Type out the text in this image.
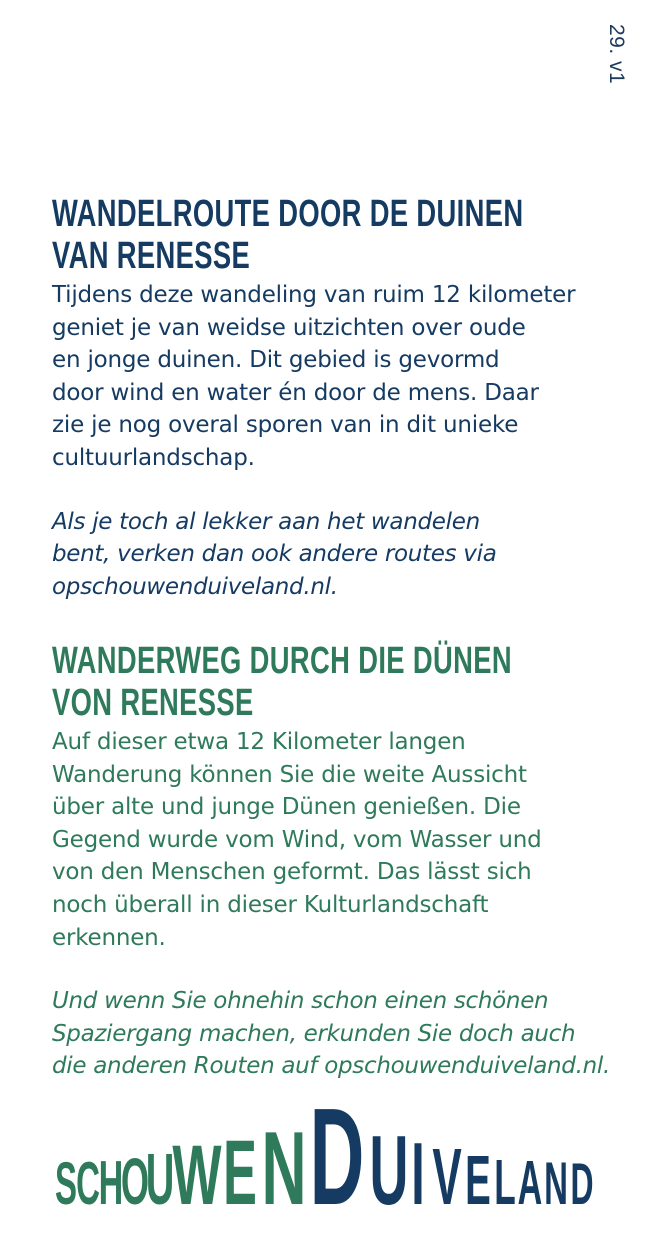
29. v1
WANDELROUTE DOOR DE DUINEN
VAN RENESSE
Tijdens deze wandeling van ruim 12 kilometer
geniet je van weidse uitzichten over oude
en jonge duinen. Dit gebied is gevormd
door wind en water én door de mens. Daar
zie je nog overal sporen van in dit unieke
cultuurlandschap.
Als je toch al lekker aan het wandelen
bent, verken dan ook andere routes via
opschouwenduiveland.nl.
WANDERWEG DURCH DIE DÜNEN
VON RENESSE
Auf dieser etwa 12 Kilometer langen
Wanderung können Sie die weite Aussicht
über alte und junge Dünen genießen. Die
Gegend wurde vom Wind, vom Wasser und
von den Menschen geformt. Das lässt sich
noch überall in dieser Kulturlandschaft
erkennen.
Und wenn Sie ohnehin schon einen schönen
Spaziergang machen, erkunden Sie doch auch
die anderen Routen auf opschouwenduiveland.nl.
S C
H
O
U
W E N D U I V E L A N D
